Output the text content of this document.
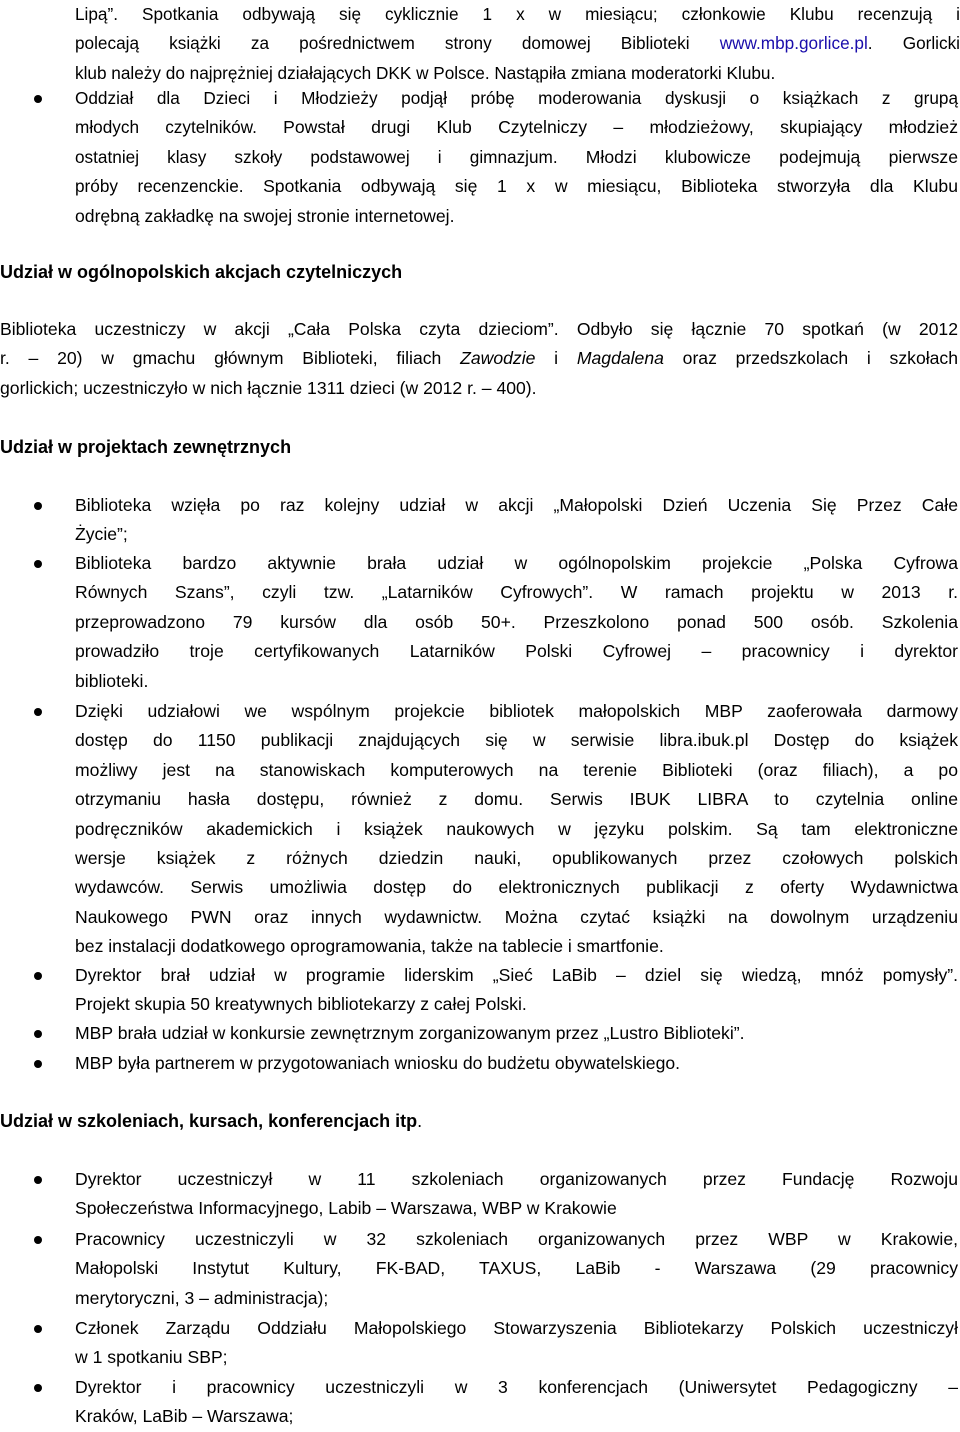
Lipą”. Spotkania odbywają się cyklicznie 1 x w miesiącu; członkowie Klubu recenzują i
polecają książki za pośrednictwem strony domowej Biblioteki www.mbp.gorlice.pl. Gorlicki
klub należy do najprężniej działających DKK w Polsce. Nastąpiła zmiana moderatorki Klubu.

Oddział dla Dzieci i Młodzieży podjął próbę moderowania dyskusji o książkach z grupą
młodych czytelników. Powstał drugi Klub Czytelniczy – młodzieżowy, skupiający młodzież
ostatniej klasy szkoły podstawowej i gimnazjum. Młodzi klubowicze podejmują pierwsze
próby recenzenckie. Spotkania odbywają się 1 x w miesiącu, Biblioteka stworzyła dla Klubu
odrębną zakładkę na swojej stronie internetowej.

Udział w ogólnopolskich akcjach czytelniczych

Biblioteka uczestniczy w akcji „Cała Polska czyta dzieciom”. Odbyło się łącznie 70 spotkań (w 2012
r. – 20) w gmachu głównym Biblioteki, filiach Zawodzie i Magdalena oraz przedszkolach i szkołach
gorlickich; uczestniczyło w nich łącznie 1311 dzieci (w 2012 r. – 400).

Udział w projektach zewnętrznych

Biblioteka wzięła po raz kolejny udział w akcji „Małopolski Dzień Uczenia Się Przez Całe
Życie”;

Biblioteka bardzo aktywnie brała udział w ogólnopolskim projekcie „Polska Cyfrowa
Równych Szans”, czyli tzw. „Latarników Cyfrowych”. W ramach projektu w 2013 r.
przeprowadzono 79 kursów dla osób 50+. Przeszkolono ponad 500 osób. Szkolenia
prowadziło troje certyfikowanych Latarników Polski Cyfrowej – pracownicy i dyrektor
biblioteki.

Dzięki udziałowi we wspólnym projekcie bibliotek małopolskich MBP zaoferowała darmowy
dostęp do 1150 publikacji znajdujących się w serwisie libra.ibuk.pl Dostęp do książek
możliwy jest na stanowiskach komputerowych na terenie Biblioteki (oraz filiach), a po
otrzymaniu hasła dostępu, również z domu. Serwis IBUK LIBRA to czytelnia online
podręczników akademickich i książek naukowych w języku polskim. Są tam elektroniczne
wersje książek z różnych dziedzin nauki, opublikowanych przez czołowych polskich
wydawców. Serwis umożliwia dostęp do elektronicznych publikacji z oferty Wydawnictwa
Naukowego PWN oraz innych wydawnictw. Można czytać książki na dowolnym urządzeniu
bez instalacji dodatkowego oprogramowania, także na tablecie i smartfonie.

Dyrektor brał udział w programie liderskim „Sieć LaBib – dziel się wiedzą, mnóż pomysły”.
Projekt skupia 50 kreatywnych bibliotekarzy z całej Polski.

MBP brała udział w konkursie zewnętrznym zorganizowanym przez „Lustro Biblioteki”.

MBP była partnerem w przygotowaniach wniosku do budżetu obywatelskiego.

Udział w szkoleniach, kursach, konferencjach itp.

Dyrektor uczestniczył w 11 szkoleniach organizowanych przez Fundację Rozwoju
Społeczeństwa Informacyjnego, Labib – Warszawa, WBP w Krakowie

Pracownicy uczestniczyli w 32 szkoleniach organizowanych przez WBP w Krakowie,
Małopolski Instytut Kultury, FK-BAD, TAXUS, LaBib - Warszawa (29 pracownicy
merytoryczni, 3 – administracja);

Członek Zarządu Oddziału Małopolskiego Stowarzyszenia Bibliotekarzy Polskich uczestniczył
w 1 spotkaniu SBP;

Dyrektor i pracownicy uczestniczyli w 3 konferencjach (Uniwersytet Pedagogiczny –
Kraków, LaBib – Warszawa;
